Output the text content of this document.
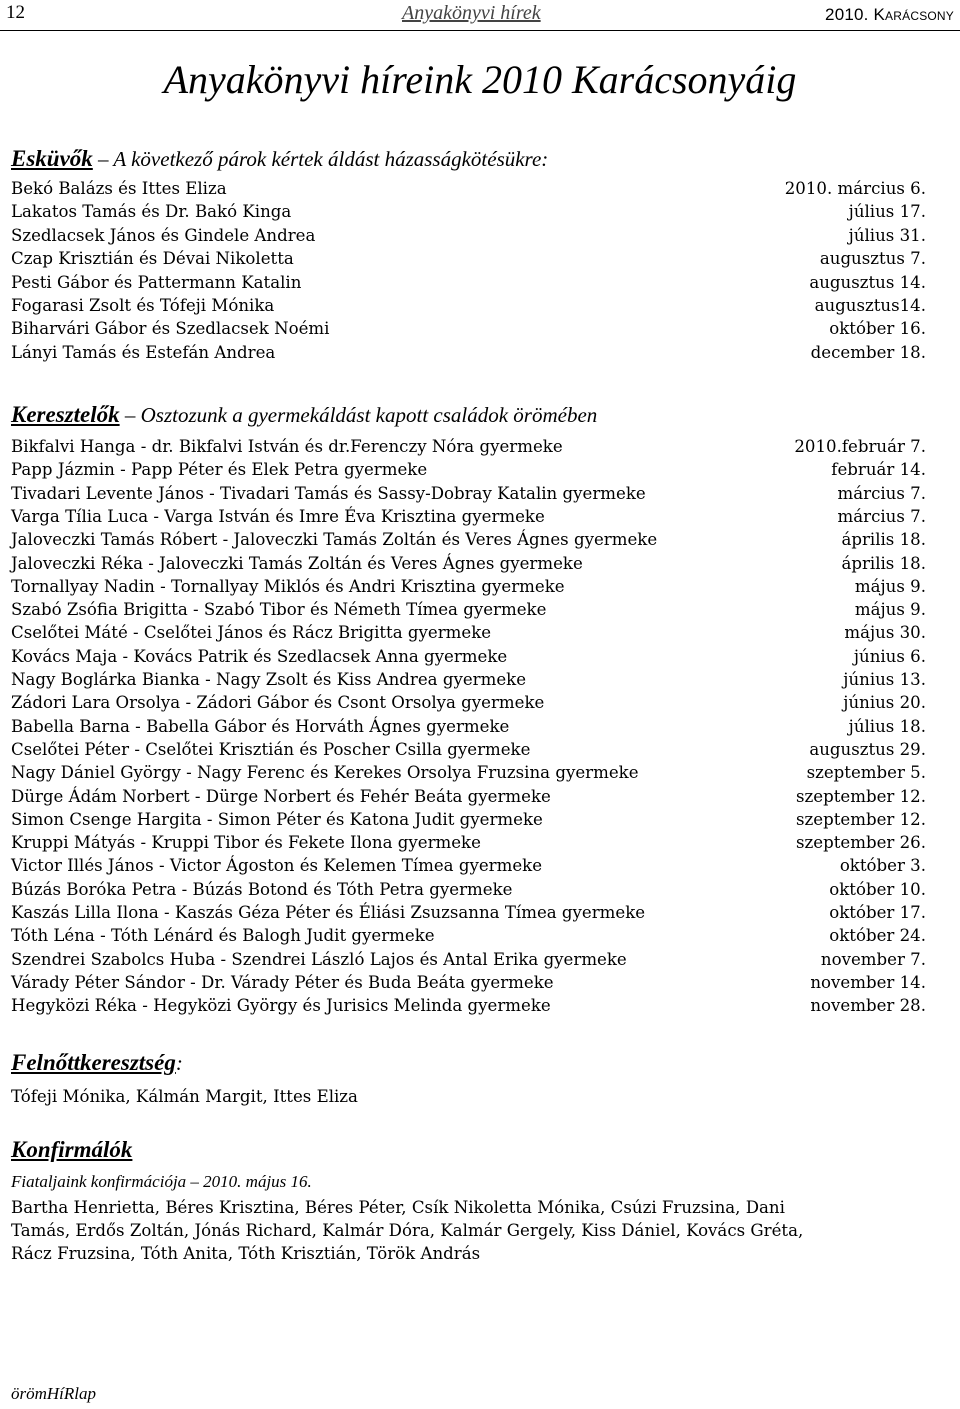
12	Anyakönyvi hírek	2010. Karácsony
Anyakönyvi híreink 2010 Karácsonyáig
Esküvők – A következő párok kértek áldást házasságkötésükre:
Bekó Balázs és Ittes Eliza	2010. március 6.
Lakatos Tamás és Dr. Bakó Kinga	július 17.
Szedlacsek János és Gindele Andrea	július 31.
Czap Krisztián és Dévai Nikoletta	augusztus 7.
Pesti Gábor és Pattermann Katalin	augusztus 14.
Fogarasi Zsolt és Tófeji Mónika	augusztus14.
Biharvári Gábor és Szedlacsek Noémi	október 16.
Lányi Tamás és Estefán Andrea	december 18.
Keresztelők – Osztozunk a gyermekáldást kapott családok örömében
Bikfalvi Hanga - dr. Bikfalvi István és dr.Ferenczy Nóra gyermeke	2010.február 7.
Papp Jázmin - Papp Péter és Elek Petra gyermeke	február 14.
Tivadari Levente János - Tivadari Tamás és Sassy-Dobray Katalin gyermeke	március 7.
Varga Tília Luca - Varga István és Imre Éva Krisztina gyermeke	március 7.
Jaloveczki Tamás Róbert - Jaloveczki Tamás Zoltán és Veres Ágnes gyermeke	április 18.
Jaloveczki Réka - Jaloveczki Tamás Zoltán és Veres Ágnes gyermeke	április 18.
Tornallyay Nadin - Tornallyay Miklós és Andri Krisztina gyermeke	május 9.
Szabó Zsófia Brigitta - Szabó Tibor és Németh Tímea gyermeke	május 9.
Cselőtei Máté - Cselőtei János és Rácz Brigitta gyermeke	május 30.
Kovács Maja - Kovács Patrik és Szedlacsek Anna gyermeke	június 6.
Nagy Boglárka Bianka - Nagy Zsolt és Kiss Andrea gyermeke	június 13.
Zádori Lara Orsolya - Zádori Gábor és Csont Orsolya gyermeke	június 20.
Babella Barna - Babella Gábor és Horváth Ágnes gyermeke	július 18.
Cselőtei Péter - Cselőtei Krisztián és Poscher Csilla gyermeke	augusztus 29.
Nagy Dániel György - Nagy Ferenc és Kerekes Orsolya Fruzsina gyermeke	szeptember 5.
Dürge Ádám Norbert - Dürge Norbert és Fehér Beáta gyermeke	szeptember 12.
Simon Csenge Hargita - Simon Péter és Katona Judit gyermeke	szeptember 12.
Kruppi Mátyás - Kruppi Tibor és Fekete Ilona gyermeke	szeptember 26.
Victor Illés János - Victor Ágoston és Kelemen Tímea gyermeke	október 3.
Búzás Boróka Petra - Búzás Botond és Tóth Petra gyermeke	október 10.
Kaszás Lilla Ilona - Kaszás Géza Péter és Éliási Zsuzsanna Tímea gyermeke	október 17.
Tóth Léna - Tóth Lénárd és Balogh Judit gyermeke	október 24.
Szendrei Szabolcs Huba - Szendrei László Lajos és Antal Erika gyermeke	november 7.
Várady Péter Sándor - Dr. Várady Péter és Buda Beáta gyermeke	november 14.
Hegyközi Réka - Hegyközi György és Jurisics Melinda gyermeke	november 28.
Felnőttkeresztség:
Tófeji Mónika, Kálmán Margit, Ittes Eliza
Konfirmálók
Fiataljaink konfirmációja – 2010. május 16.
Bartha Henrietta, Béres Krisztina, Béres Péter, Csík Nikoletta Mónika, Csúzi Fruzsina, Dani
Tamás, Erdős Zoltán, Jónás Richard, Kalmár Dóra, Kalmár Gergely, Kiss Dániel, Kovács Gréta,
Rácz Fruzsina, Tóth Anita, Tóth Krisztián, Török András
örömHíRlap
